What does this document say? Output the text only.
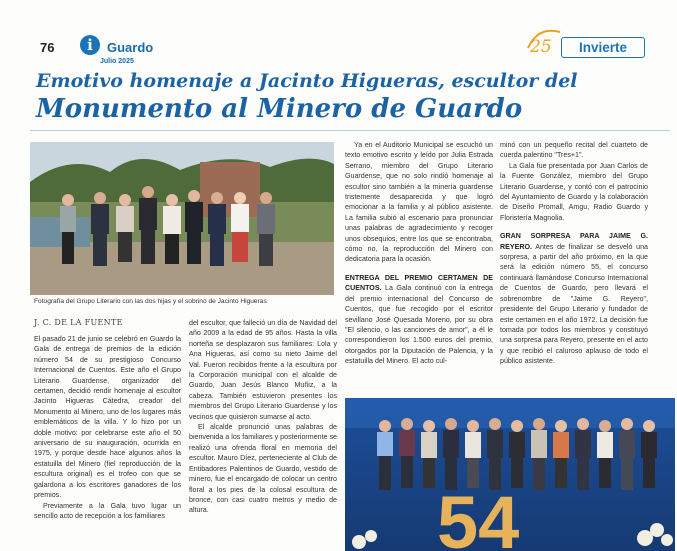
76	i	Guardo
Julio 2025
25	Invierte
Emotivo homenaje a Jacinto Higueras, escultor del
Monumento al Minero de Guardo
Fotografía del Grupo Literario con las dos hijas y el sobrino de Jacinto Higueras
J. C. DE LA FUENTE

El pasado 21 de junio se celebró en Guardo la Gala de entrega de premios de la edición número 54 de su prestigioso Concurso Internacional de Cuentos. Este año el Grupo Literario Guardense, organizador del certamen, decidió rendir homenaje al escultor Jacinto Higueras Cátedra, creador del Monumento al Minero, uno de los lugares más emblemáticos de la villa. Y lo hizo por un doble motivo: por celebrarse este año el 50 aniversario de su inauguración, ocurrida en 1975, y porque desde hace algunos años la estatuilla del Minero (fiel reproducción de la escultura original) es el trofeo con que se galardona a los escritores ganadores de los premios.

Previamente a la Gala tuvo lugar un sencillo acto de recepción a los familiares

del escultor, que falleció un día de Navidad del año 2009 a la edad de 95 años. Hasta la villa norteña se desplazaron sus familiares: Lola y Ana Higueras, así como su nieto Jaime del Val. Fueron recibidos frente a la escultura por la Corporación municipal con el alcalde de Guardo, Juan Jesús Blanco Muñiz, a la cabeza. También estuvieron presentes los miembros del Grupo Literario Guardense y los vecinos que quisieron sumarse al acto.

El alcalde pronunció unas palabras de bienvenida a los familiares y posteriormente se realizó una ofrenda floral en memoria del escultor. Mauro Díez, perteneciente al Club de Entibadores Palentinos de Guardo, vestido de minero, fue el encargado de colocar un centro floral a los pies de la colosal escultura de bronce, con casi cuatro metros y medio de altura.

Ya en el Auditorio Municipal se escuchó un texto emotivo escrito y leído por Julia Estrada Serrano, miembro del Grupo Literario Guardense, que no solo rindió homenaje al escultor sino también a la minería guardense tristemente desaparecida y que logró emocionar a la familia y al público asistente. La familia subió al escenario para pronunciar unas palabras de agradecimiento y recoger unos obsequios, entre los que se encontraba, cómo no, la reproducción del Minero con dedicatoria para la ocasión.

ENTREGA DEL PREMIO CERTAMEN DE CUENTOS. La Gala continuó con la entrega del premio internacional del Concurso de Cuentos, que fue recogido por el escritor sevillano José Quesada Moreno, por su obra "El silencio, o las canciones de amor", a él le correspondieron los 1.500 euros del premio, otorgados por la Diputación de Palencia, y la estatuilla del Minero. El acto cul-

minó con un pequeño recital del cuarteto de cuerda palentino "Tres+1".

La Gala fue presentada por Juan Carlos de la Fuente González, miembro del Grupo Literario Guardense, y contó con el patrocinio del Ayuntamiento de Guardo y la colaboración de Diseño Promall, Amgu, Radio Guardo y Floristería Magnolia.

GRAN SORPRESA PARA JAIME G. REYERO. Antes de finalizar se desveló una sorpresa, a partir del año próximo, en la que será la edición número 55, el concurso continuará llamándose Concurso Internacional de Cuentos de Guardo, pero llevará el sobrenombre de "Jaime G. Reyero", presidente del Grupo Literario y fundador de este certamen en el año 1972. La decisión fue tomada por todos los miembros y constituyó una sorpresa para Reyero, presente en el acto y que recibió el caluroso aplauso de todo el público asistente.

54
